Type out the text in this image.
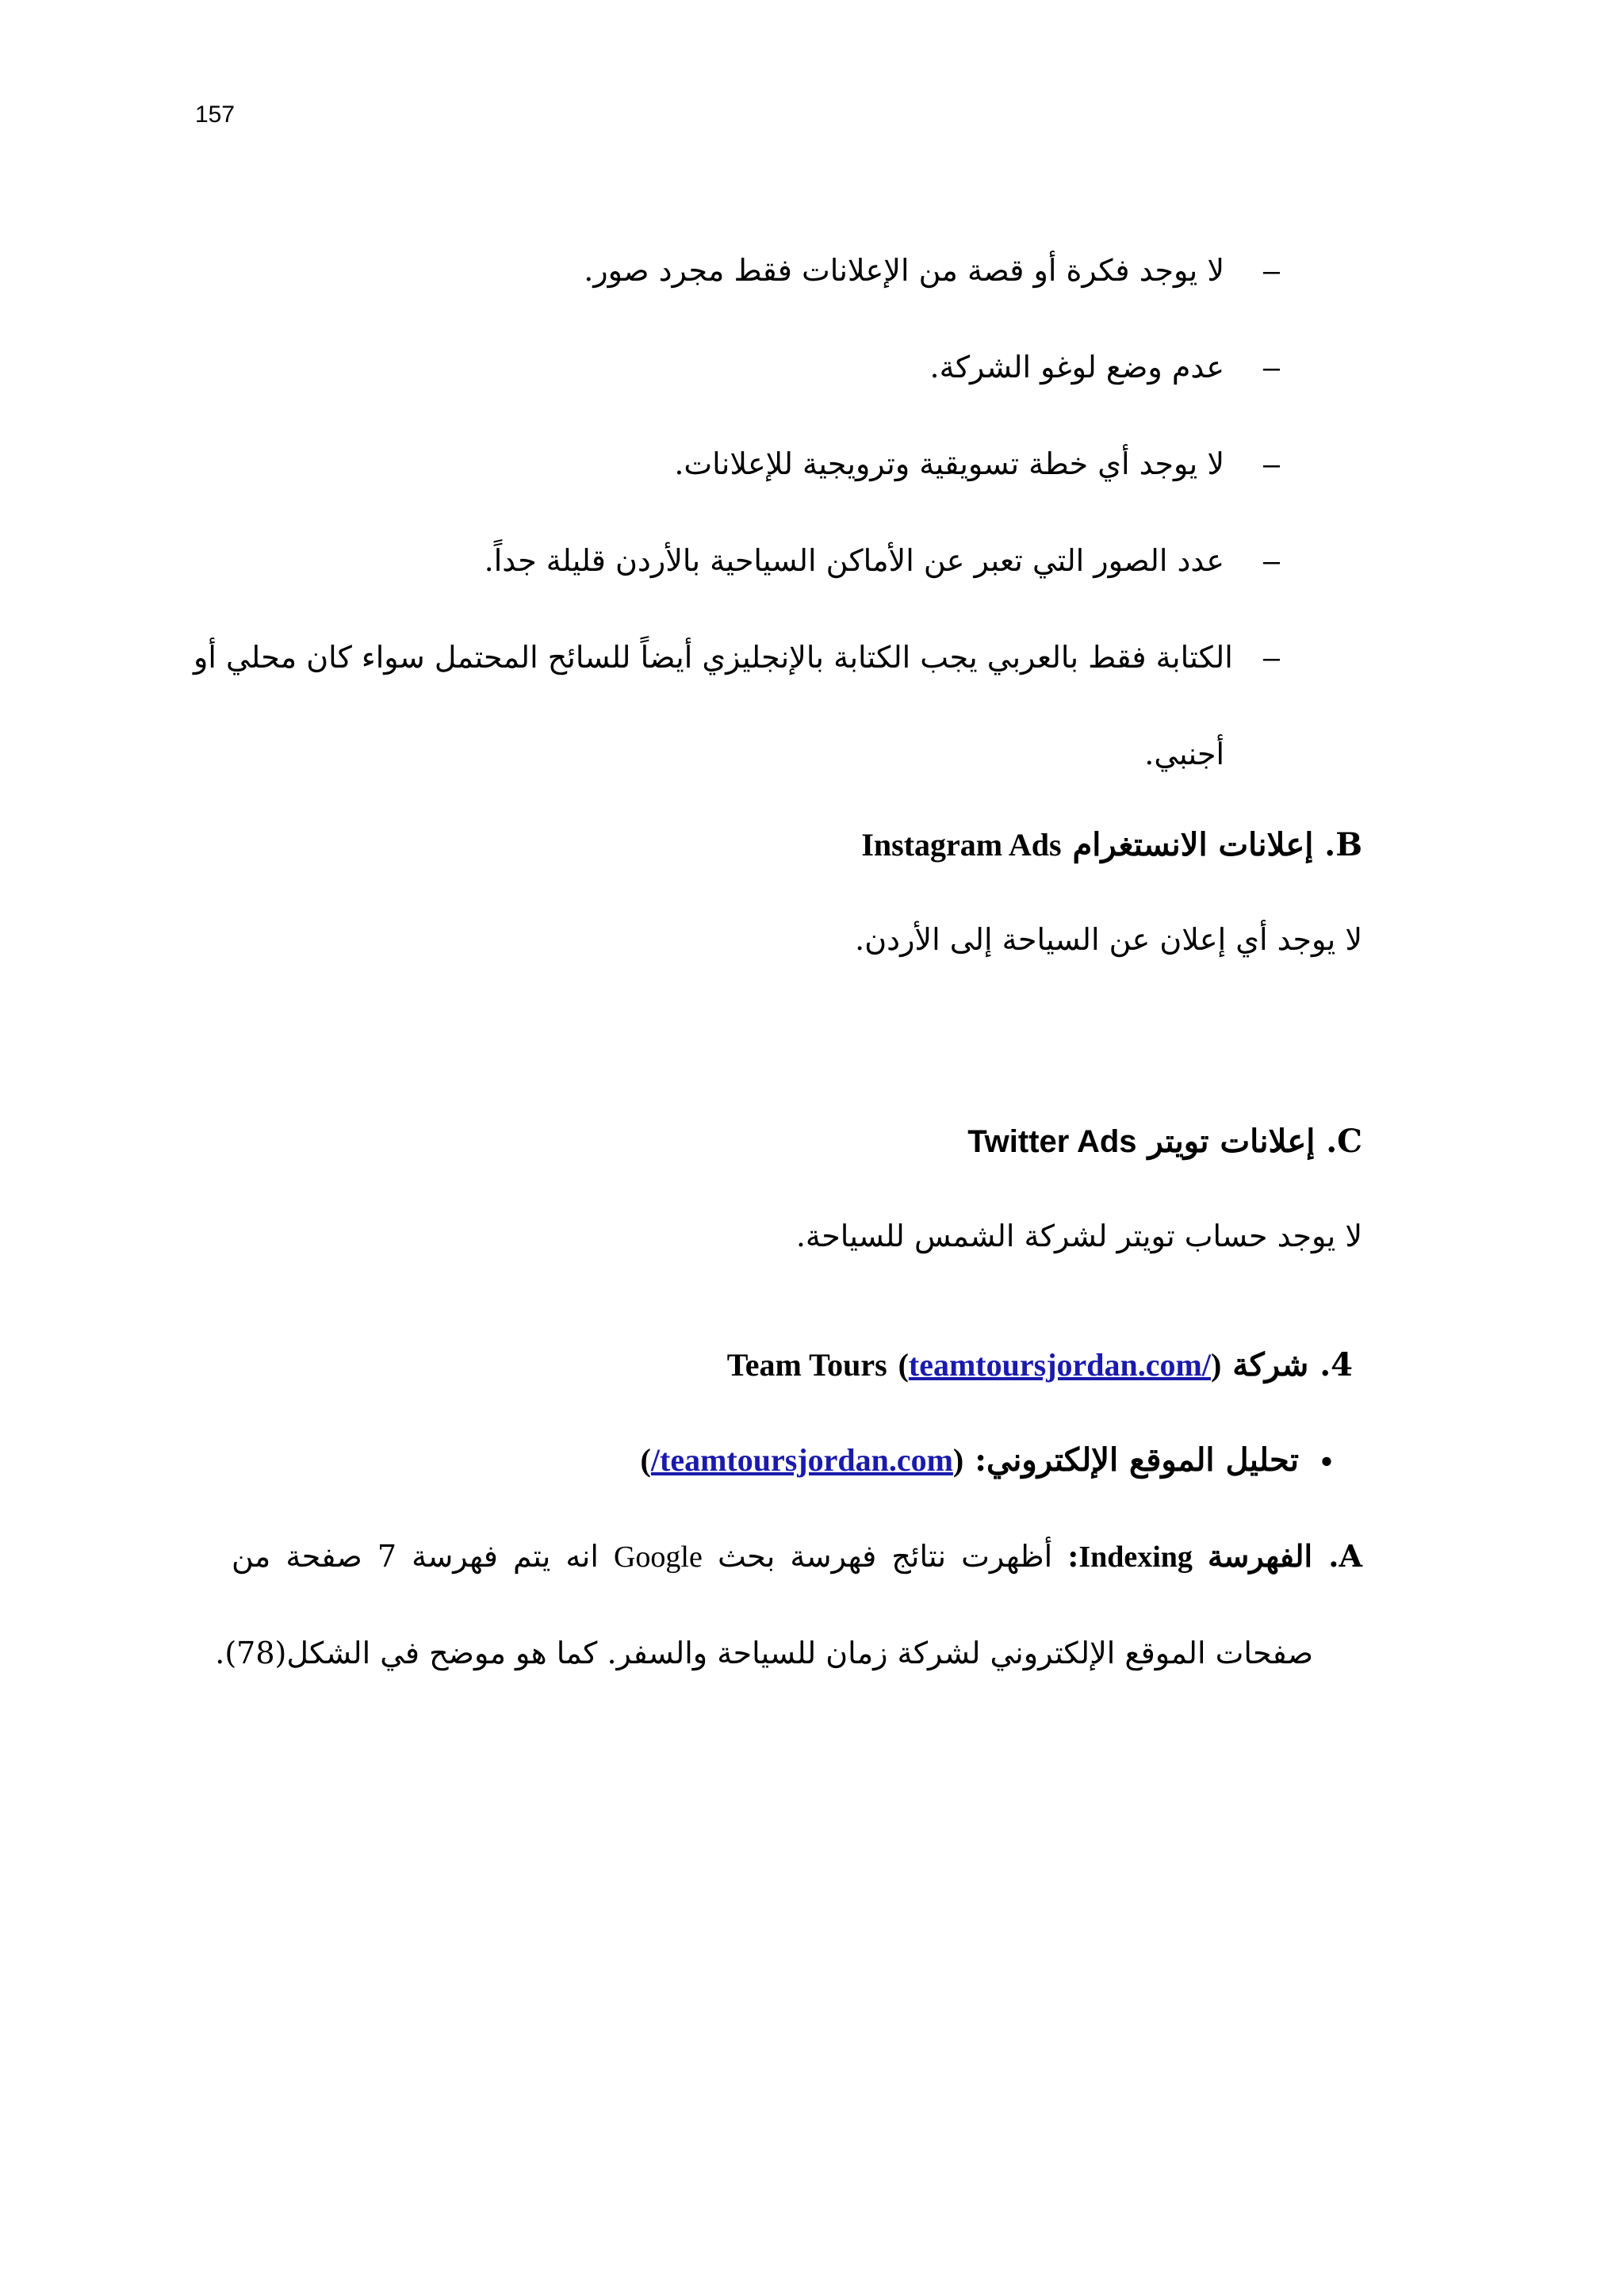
157
–
لا يوجد فكرة أو قصة من الإعلانات فقط مجرد صور.
–
عدم وضع لوغو الشركة.
–
لا يوجد أي خطة تسويقية وترويجية للإعلانات.
–
عدد الصور التي تعبر عن الأماكن السياحية بالأردن قليلة جداً.
–
الكتابة فقط بالعربي يجب الكتابة بالإنجليزي أيضاً للسائح المحتمل سواء كان محلي أو
أجنبي.
B. إعلانات الانستغرام Instagram Ads
لا يوجد أي إعلان عن السياحة إلى الأردن.
C. إعلانات تويتر Twitter Ads
لا يوجد حساب تويتر لشركة الشمس للسياحة.
4. شركة Team Tours (teamtoursjordan.com/)
•
تحليل الموقع الإلكتروني:

(
teamtoursjordan.com/
)
A. الفهرسة Indexing: أظهرت نتائج فهرسة بحث Google انه يتم فهرسة 7 صفحة من
صفحات الموقع الإلكتروني لشركة زمان للسياحة والسفر. كما هو موضح في الشكل(78).
